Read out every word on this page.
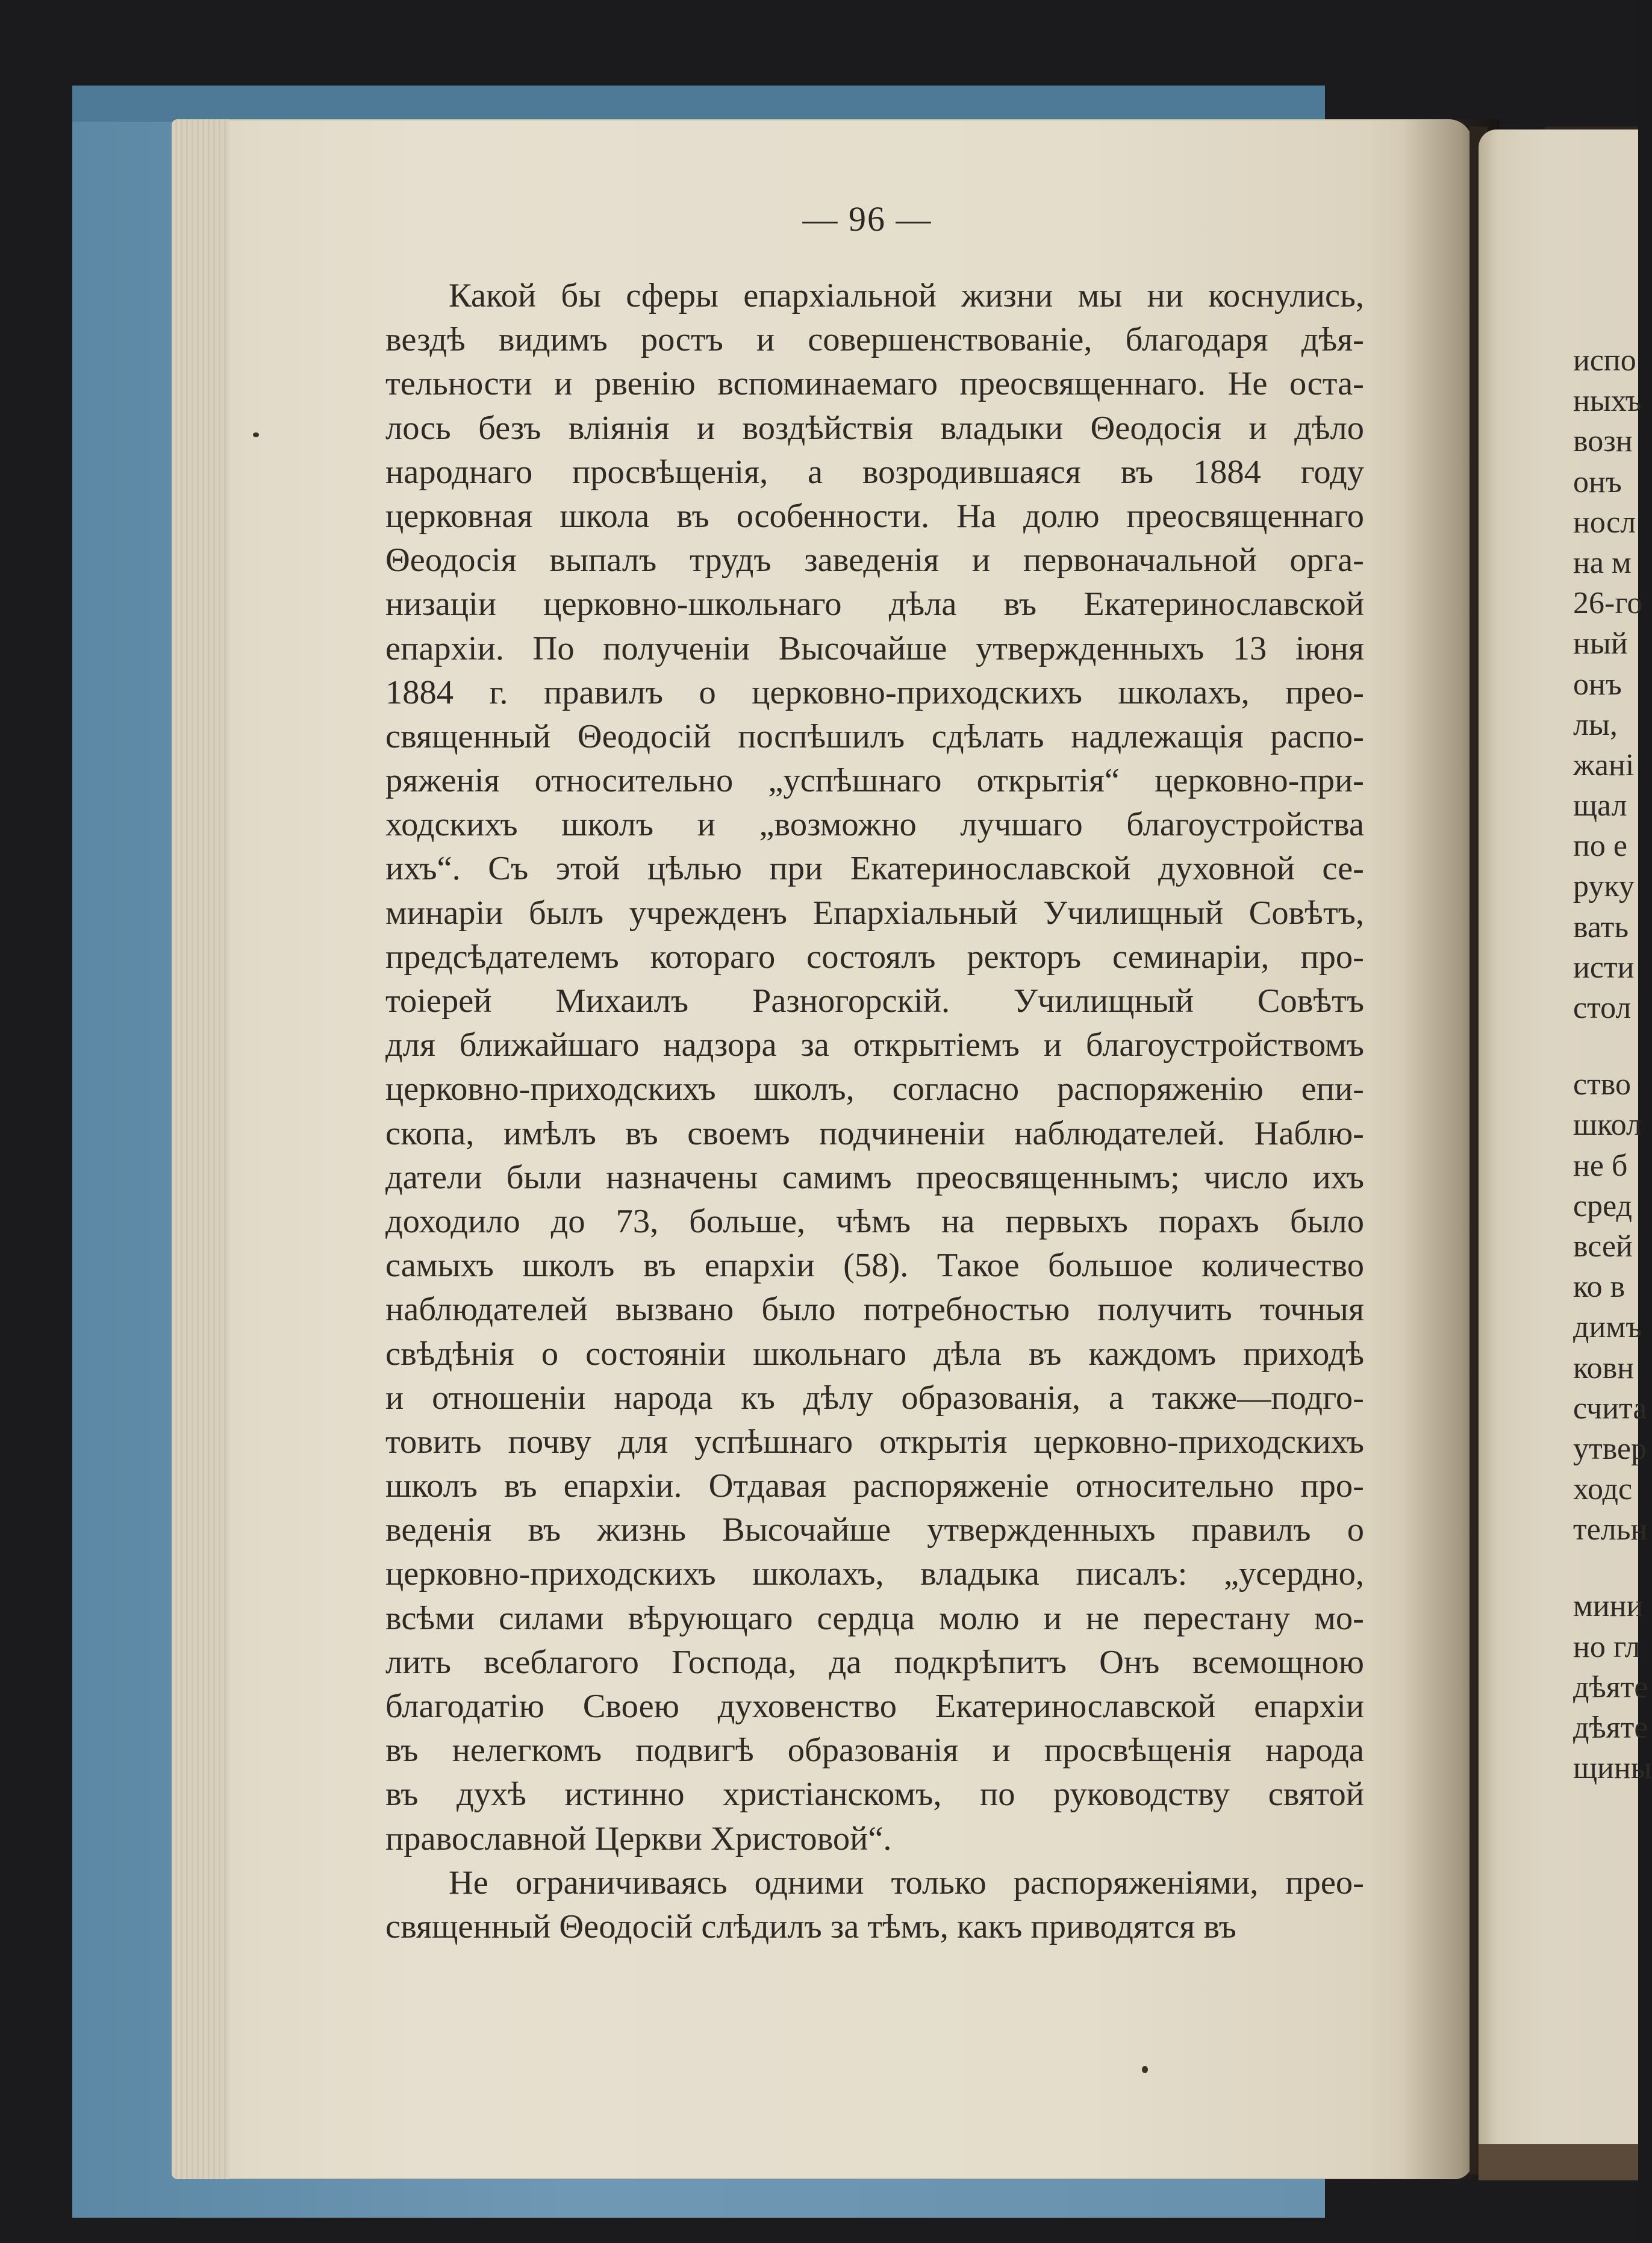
— 96 —
Какой бы сферы епархіальной жизни мы ни коснулись,
вездѣ видимъ ростъ и совершенствованіе, благодаря дѣя-
тельности и рвенію вспоминаемаго преосвященнаго. Не оста-
лось безъ вліянія и воздѣйствія владыки Θеодосія и дѣло
народнаго просвѣщенія, а возродившаяся въ 1884 году
церковная школа въ особенности. На долю преосвященнаго
Θеодосія выпалъ трудъ заведенія и первоначальной орга-
низаціи церковно-школьнаго дѣла въ Екатеринославской
епархіи. По полученіи Высочайше утвержденныхъ 13 іюня
1884 г. правилъ о церковно-приходскихъ школахъ, прео-
священный Θеодосій поспѣшилъ сдѣлать надлежащія распо-
ряженія относительно „успѣшнаго открытія“ церковно-при-
ходскихъ школъ и „возможно лучшаго благоустройства
ихъ“. Съ этой цѣлью при Екатеринославской духовной се-
минаріи былъ учрежденъ Епархіальный Училищный Совѣтъ,
предсѣдателемъ котораго состоялъ ректоръ семинаріи, про-
тоіерей Михаилъ Разногорскій. Училищный Совѣтъ
для ближайшаго надзора за открытіемъ и благоустройствомъ
церковно-приходскихъ школъ, согласно распоряженію епи-
скопа, имѣлъ въ своемъ подчиненіи наблюдателей. Наблю-
датели были назначены самимъ преосвященнымъ; число ихъ
доходило до 73, больше, чѣмъ на первыхъ порахъ было
самыхъ школъ въ епархіи (58). Такое большое количество
наблюдателей вызвано было потребностью получить точныя
свѣдѣнія о состояніи школьнаго дѣла въ каждомъ приходѣ
и отношеніи народа къ дѣлу образованія, а также—подго-
товить почву для успѣшнаго открытія церковно-приходскихъ
школъ въ епархіи. Отдавая распоряженіе относительно про-
веденія въ жизнь Высочайше утвержденныхъ правилъ о
церковно-приходскихъ школахъ, владыка писалъ: „усердно,
всѣми силами вѣрующаго сердца молю и не перестану мо-
лить всеблагого Господа, да подкрѣпитъ Онъ всемощною
благодатію Своею духовенство Екатеринославской епархіи
въ нелегкомъ подвигѣ образованія и просвѣщенія народа
въ духѣ истинно христіанскомъ, по руководству святой
православной Церкви Христовой“.
Не ограничиваясь одними только распоряженіями, прео-
священный Θеодосій слѣдилъ за тѣмъ, какъ приводятся въ
испо
ныхъ
возн
онъ
носл
на м
26-го
ный
онъ
лы,
жані
щал
по е
руку
вать
исти
стол
ство
школ
не б
сред
всей
ко в
димъ
ковн
счита
утвер
ходс
тельн
мини
но гл
дѣяте
дѣяте
щины
